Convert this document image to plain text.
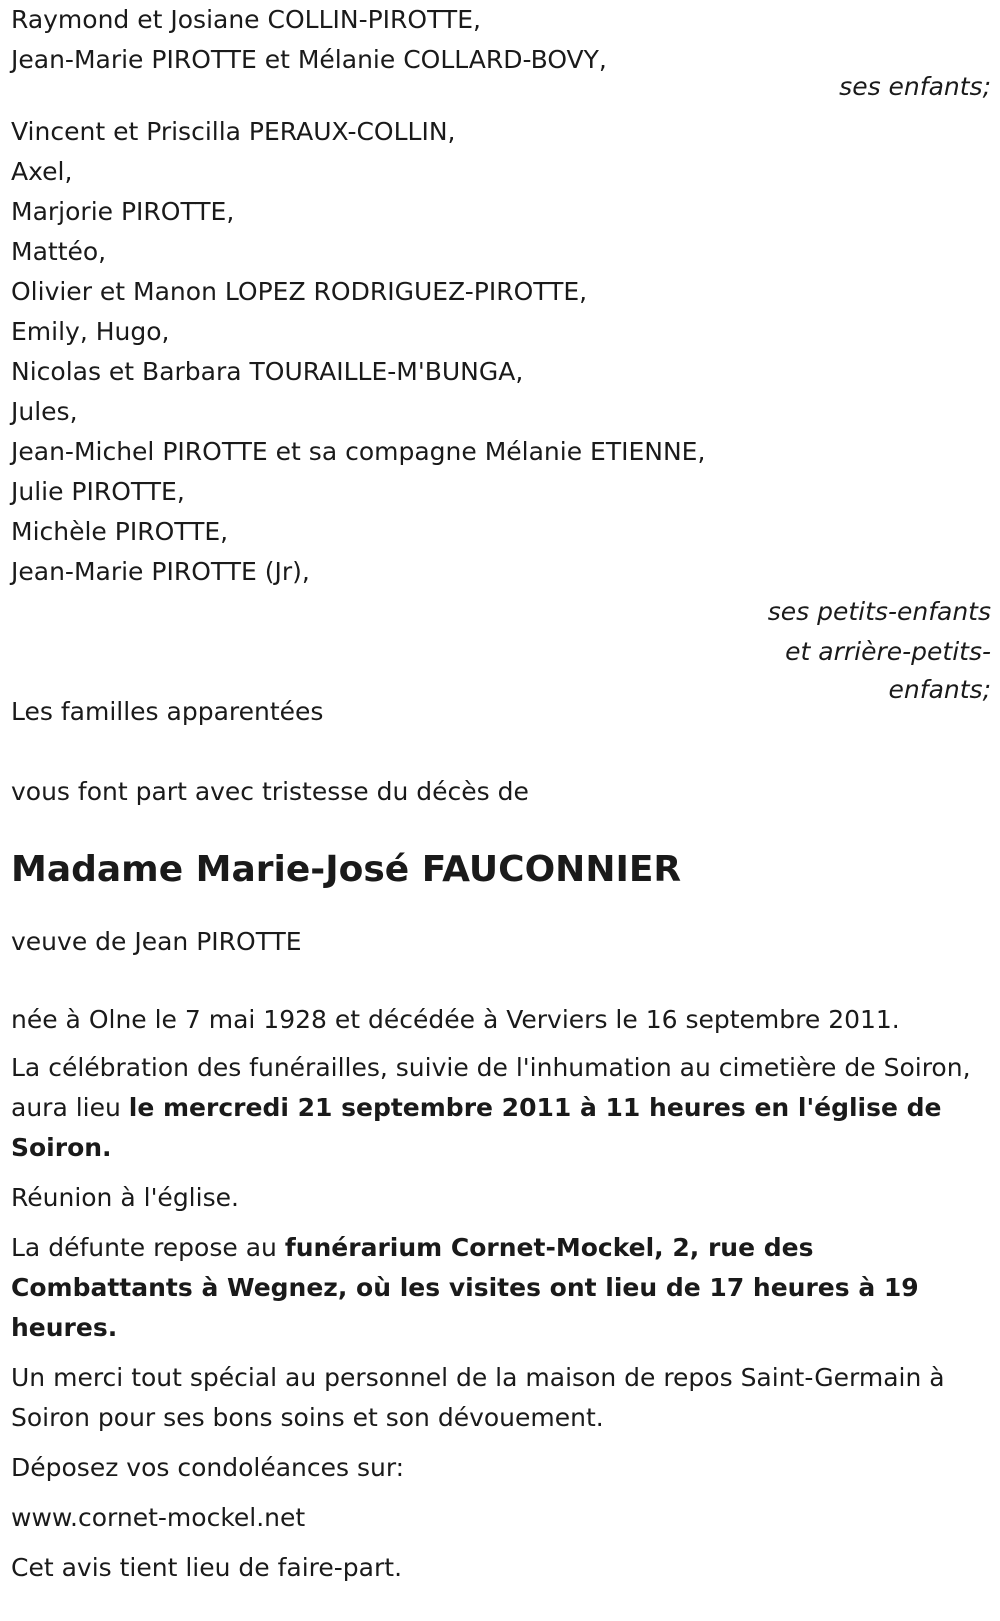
Raymond et Josiane COLLIN-PIROTTE,
Jean-Marie PIROTTE et Mélanie COLLARD-BOVY,
ses enfants;
Vincent et Priscilla PERAUX-COLLIN,
Axel,
Marjorie PIROTTE,
Mattéo,
Olivier et Manon LOPEZ RODRIGUEZ-PIROTTE,
Emily, Hugo,
Nicolas et Barbara TOURAILLE-M'BUNGA,
Jules,
Jean-Michel PIROTTE et sa compagne Mélanie ETIENNE,
Julie PIROTTE,
Michèle PIROTTE,
Jean-Marie PIROTTE (Jr),
ses petits-enfants
et arrière-petits-
enfants;
Les familles apparentées
vous font part avec tristesse du décès de
Madame Marie-José FAUCONNIER
veuve de Jean PIROTTE
née à Olne le 7 mai 1928 et décédée à Verviers le 16 septembre 2011.

La célébration des funérailles, suivie de l'inhumation au cimetière de Soiron, aura lieu le mercredi 21 septembre 2011 à 11 heures en l'église de Soiron.

Réunion à l'église.

La défunte repose au funérarium Cornet-Mockel, 2, rue des Combattants à Wegnez, où les visites ont lieu de 17 heures à 19 heures.

Un merci tout spécial au personnel de la maison de repos Saint-Germain à Soiron pour ses bons soins et son dévouement.

Déposez vos condoléances sur:
www.cornet-mockel.net
Cet avis tient lieu de faire-part.
